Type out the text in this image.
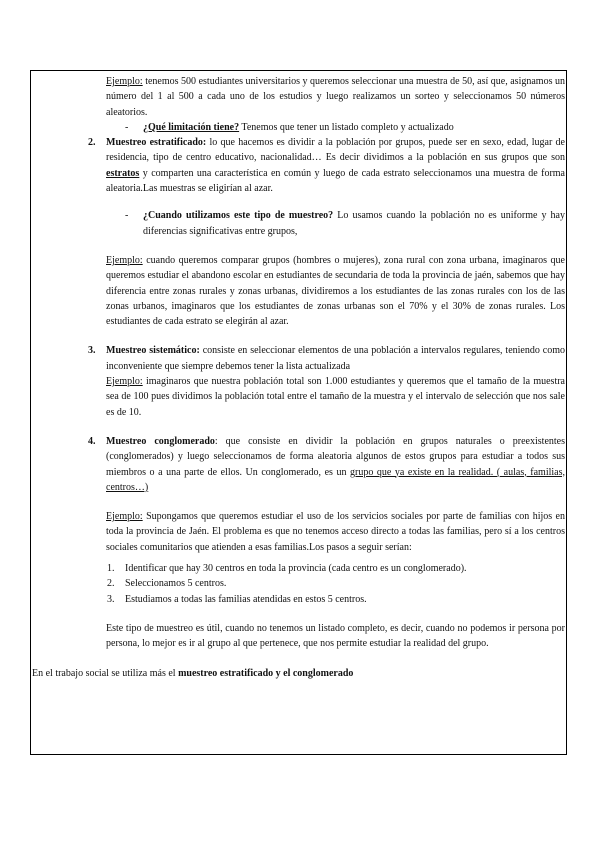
Ejemplo: tenemos 500 estudiantes universitarios y queremos seleccionar una muestra de 50, así que, asignamos un número del 1 al 500 a cada uno de los estudios y luego realizamos un sorteo y seleccionamos 50 números aleatorios.

- ¿Qué limitación tiene? Tenemos que tener un listado completo y actualizado

2. Muestreo estratificado: lo que hacemos es dividir a la población por grupos, puede ser en sexo, edad, lugar de residencia, tipo de centro educativo, nacionalidad… Es decir dividimos a la población en sus grupos que son estratos y comparten una característica en común y luego de cada estrato seleccionamos una muestra de forma aleatoria.Las muestras se eligirían al azar.

- ¿Cuando utilizamos este tipo de muestreo? Lo usamos cuando la población no es uniforme y hay diferencias significativas entre grupos,

Ejemplo: cuando queremos comparar grupos (hombres o mujeres), zona rural con zona urbana, imaginaros que queremos estudiar el abandono escolar en estudiantes de secundaria de toda la provincia de jaén, sabemos que hay diferencia entre zonas rurales y zonas urbanas, dividiremos a los estudiantes de las zonas rurales con los de las zonas urbanos, imaginaros que los estudiantes de zonas urbanas son el 70% y el 30% de zonas rurales. Los estudiantes de cada estrato se elegirán al azar.

3. Muestreo sistemático: consiste en seleccionar elementos de una población a intervalos regulares, teniendo como inconveniente que siempre debemos tener la lista actualizada

Ejemplo: imaginaros que nuestra población total son 1.000 estudiantes y queremos que el tamaño de la muestra sea de 100 pues dividimos la población total entre el tamaño de la muestra y el intervalo de selección que nos sale es de 10.

4. Muestreo conglomerado: que consiste en dividir la población en grupos naturales o preexistentes (conglomerados) y luego seleccionamos de forma aleatoria algunos de estos grupos para estudiar a todos sus miembros o a una parte de ellos. Un conglomerado, es un grupo que ya existe en la realidad. ( aulas, familias, centros…)

Ejemplo: Supongamos que queremos estudiar el uso de los servicios sociales por parte de familias con hijos en toda la provincia de Jaén. El problema es que no tenemos acceso directo a todas las familias, pero sí a los centros sociales comunitarios que atienden a esas familias.Los pasos a seguir serían:

1. Identificar que hay 30 centros en toda la provincia (cada centro es un conglomerado).

2. Seleccionamos 5 centros.

3. Estudiamos a todas las familias atendidas en estos 5 centros.

Este tipo de muestreo es útil, cuando no tenemos un listado completo, es decir, cuando no podemos ir persona por persona, lo mejor es ir al grupo al que pertenece, que nos permite estudiar la realidad del grupo.

En el trabajo social se utiliza más el muestreo estratificado y el conglomerado
